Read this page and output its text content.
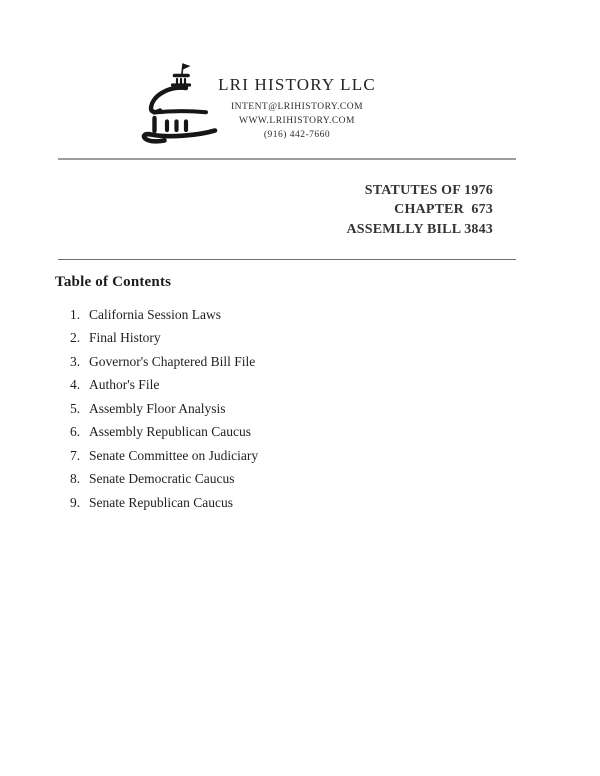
LRI HISTORY LLC
INTENT@LRIHISTORY.COM
WWW.LRIHISTORY.COM
(916) 442-7660
STATUTES OF 1976
CHAPTER  673
ASSEMLLY BILL 3843
Table of Contents
1. California Session Laws
2. Final History
3. Governor's Chaptered Bill File
4. Author's File
5. Assembly Floor Analysis
6. Assembly Republican Caucus
7. Senate Committee on Judiciary
8. Senate Democratic Caucus
9. Senate Republican Caucus
